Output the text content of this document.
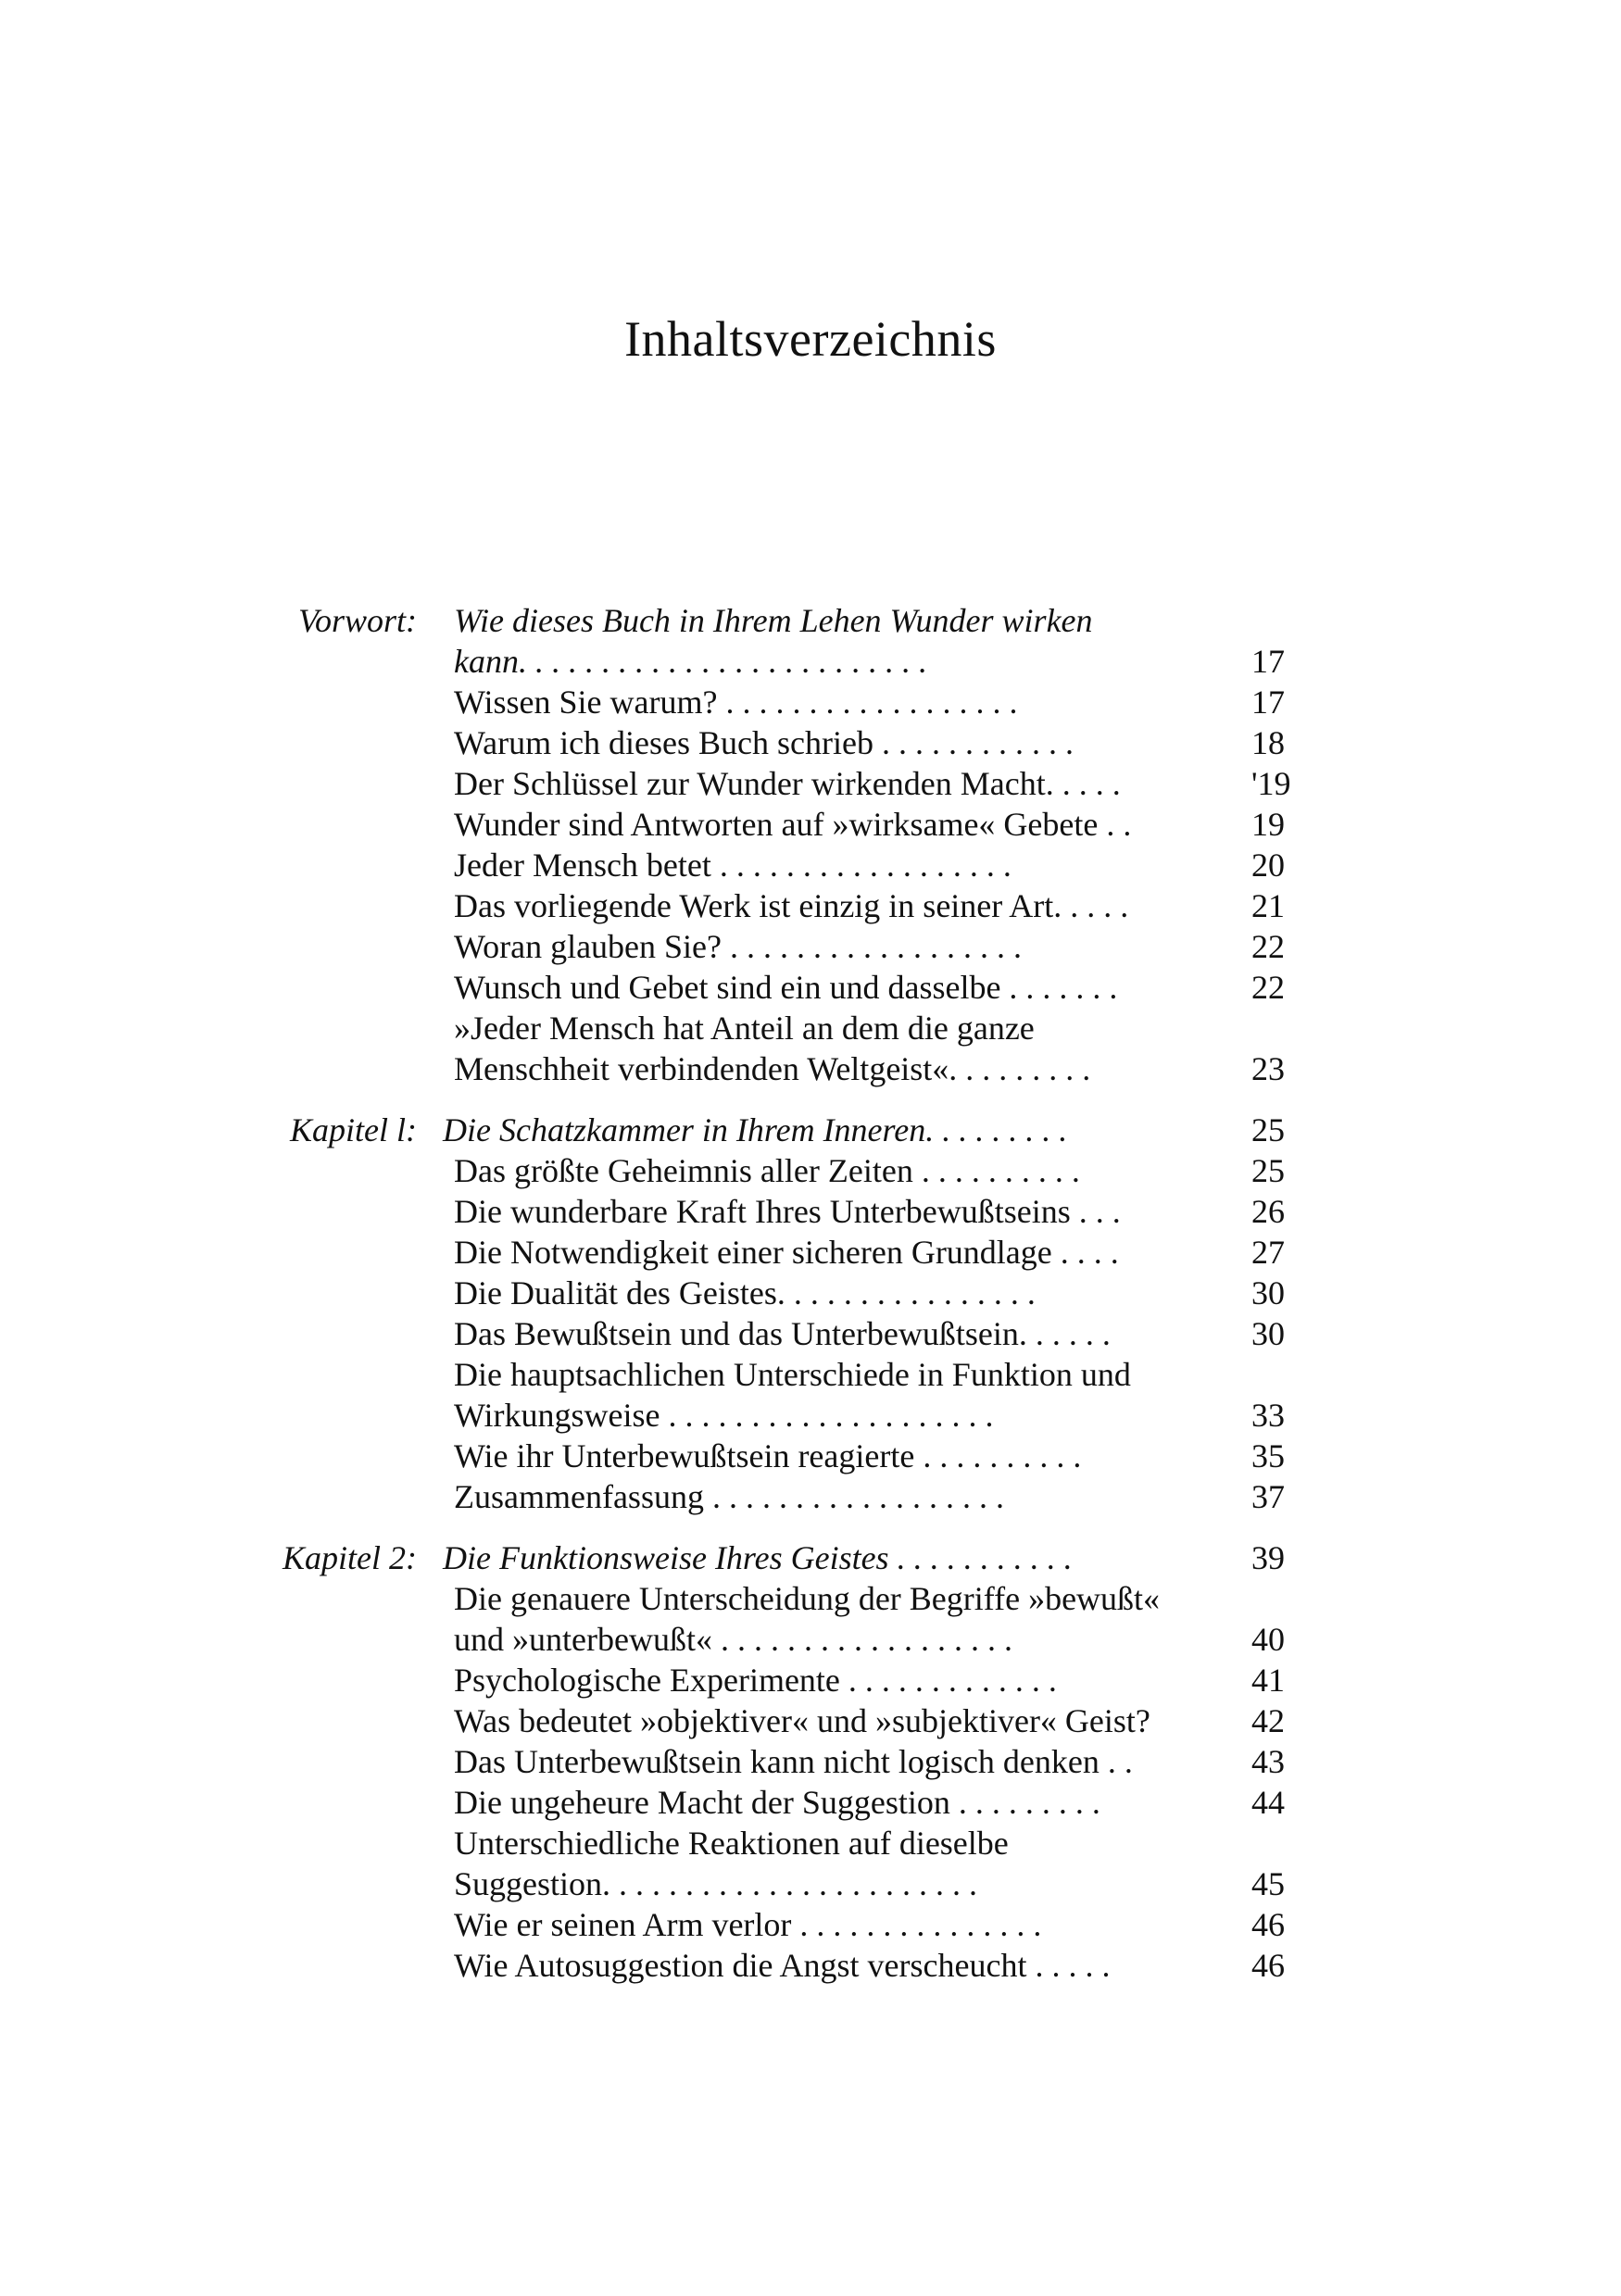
Inhaltsverzeichnis
Vorwort: Wie dieses Buch in Ihrem Lehen Wunder wirken
kann. . . . . . . . . . . . . . . . . . . . . . . . .	17
Wissen Sie warum? . . . . . . . . . . . . . . . . . .	17
Warum ich dieses Buch schrieb . . . . . . . . . . . .	18
Der Schlüssel zur Wunder wirkenden Macht. . . . .	'19
Wunder sind Antworten auf »wirksame« Gebete . .	19
Jeder Mensch betet . . . . . . . . . . . . . . . . . .	20
Das vorliegende Werk ist einzig in seiner Art. . . . .	21
Woran glauben Sie? . . . . . . . . . . . . . . . . . .	22
Wunsch und Gebet sind ein und dasselbe . . . . . . .	22
»Jeder Mensch hat Anteil an dem die ganze
Menschheit verbindenden Weltgeist«. . . . . . . . .	23
Kapitel l: Die Schatzkammer in Ihrem Inneren. . . . . . . . .	25
Das größte Geheimnis aller Zeiten . . . . . . . . . .	25
Die wunderbare Kraft Ihres Unterbewußtseins . . .	26
Die Notwendigkeit einer sicheren Grundlage . . . .	27
Die Dualität des Geistes. . . . . . . . . . . . . . . .	30
Das Bewußtsein und das Unterbewußtsein. . . . . .	30
Die hauptsachlichen Unterschiede in Funktion und
Wirkungsweise . . . . . . . . . . . . . . . . . . . .	33
Wie ihr Unterbewußtsein reagierte . . . . . . . . . .	35
Zusammenfassung . . . . . . . . . . . . . . . . . .	37
Kapitel 2: Die Funktionsweise Ihres Geistes . . . . . . . . . . .	39
Die genauere Unterscheidung der Begriffe »bewußt«
und »unterbewußt« . . . . . . . . . . . . . . . . . .	40
Psychologische Experimente . . . . . . . . . . . . .	41
Was bedeutet »objektiver« und »subjektiver« Geist?	42
Das Unterbewußtsein kann nicht logisch denken . .	43
Die ungeheure Macht der Suggestion . . . . . . . . .	44
Unterschiedliche Reaktionen auf dieselbe
Suggestion. . . . . . . . . . . . . . . . . . . . . . .	45
Wie er seinen Arm verlor . . . . . . . . . . . . . . .	46
Wie Autosuggestion die Angst verscheucht . . . . .	46
